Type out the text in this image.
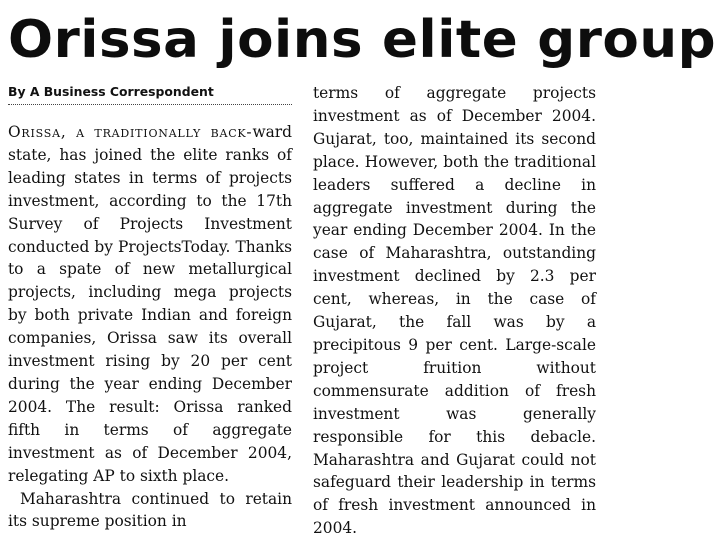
Orissa joins elite group
By A Business Correspondent

Orissa, a traditionally back-ward state, has joined the elite ranks of leading states in terms of projects investment, according to the 17th Survey of Projects Investment conducted by ProjectsToday. Thanks to a spate of new metallurgical projects, including mega projects by both private Indian and foreign companies, Orissa saw its overall investment rising by 20 per cent during the year ending December 2004. The result: Orissa ranked fifth in terms of aggregate investment as of December 2004, relegating AP to sixth place.

Maharashtra continued to retain its supreme position in

terms of aggregate projects investment as of December 2004. Gujarat, too, maintained its second place. However, both the traditional leaders suffered a decline in aggregate investment during the year ending December 2004. In the case of Maharashtra, outstanding investment declined by 2.3 per cent, whereas, in the case of Gujarat, the fall was by a precipitous 9 per cent. Large-scale project fruition without commensurate addition of fresh investment was generally responsible for this debacle. Maharashtra and Gujarat could not safeguard their leadership in terms of fresh investment announced in 2004.
